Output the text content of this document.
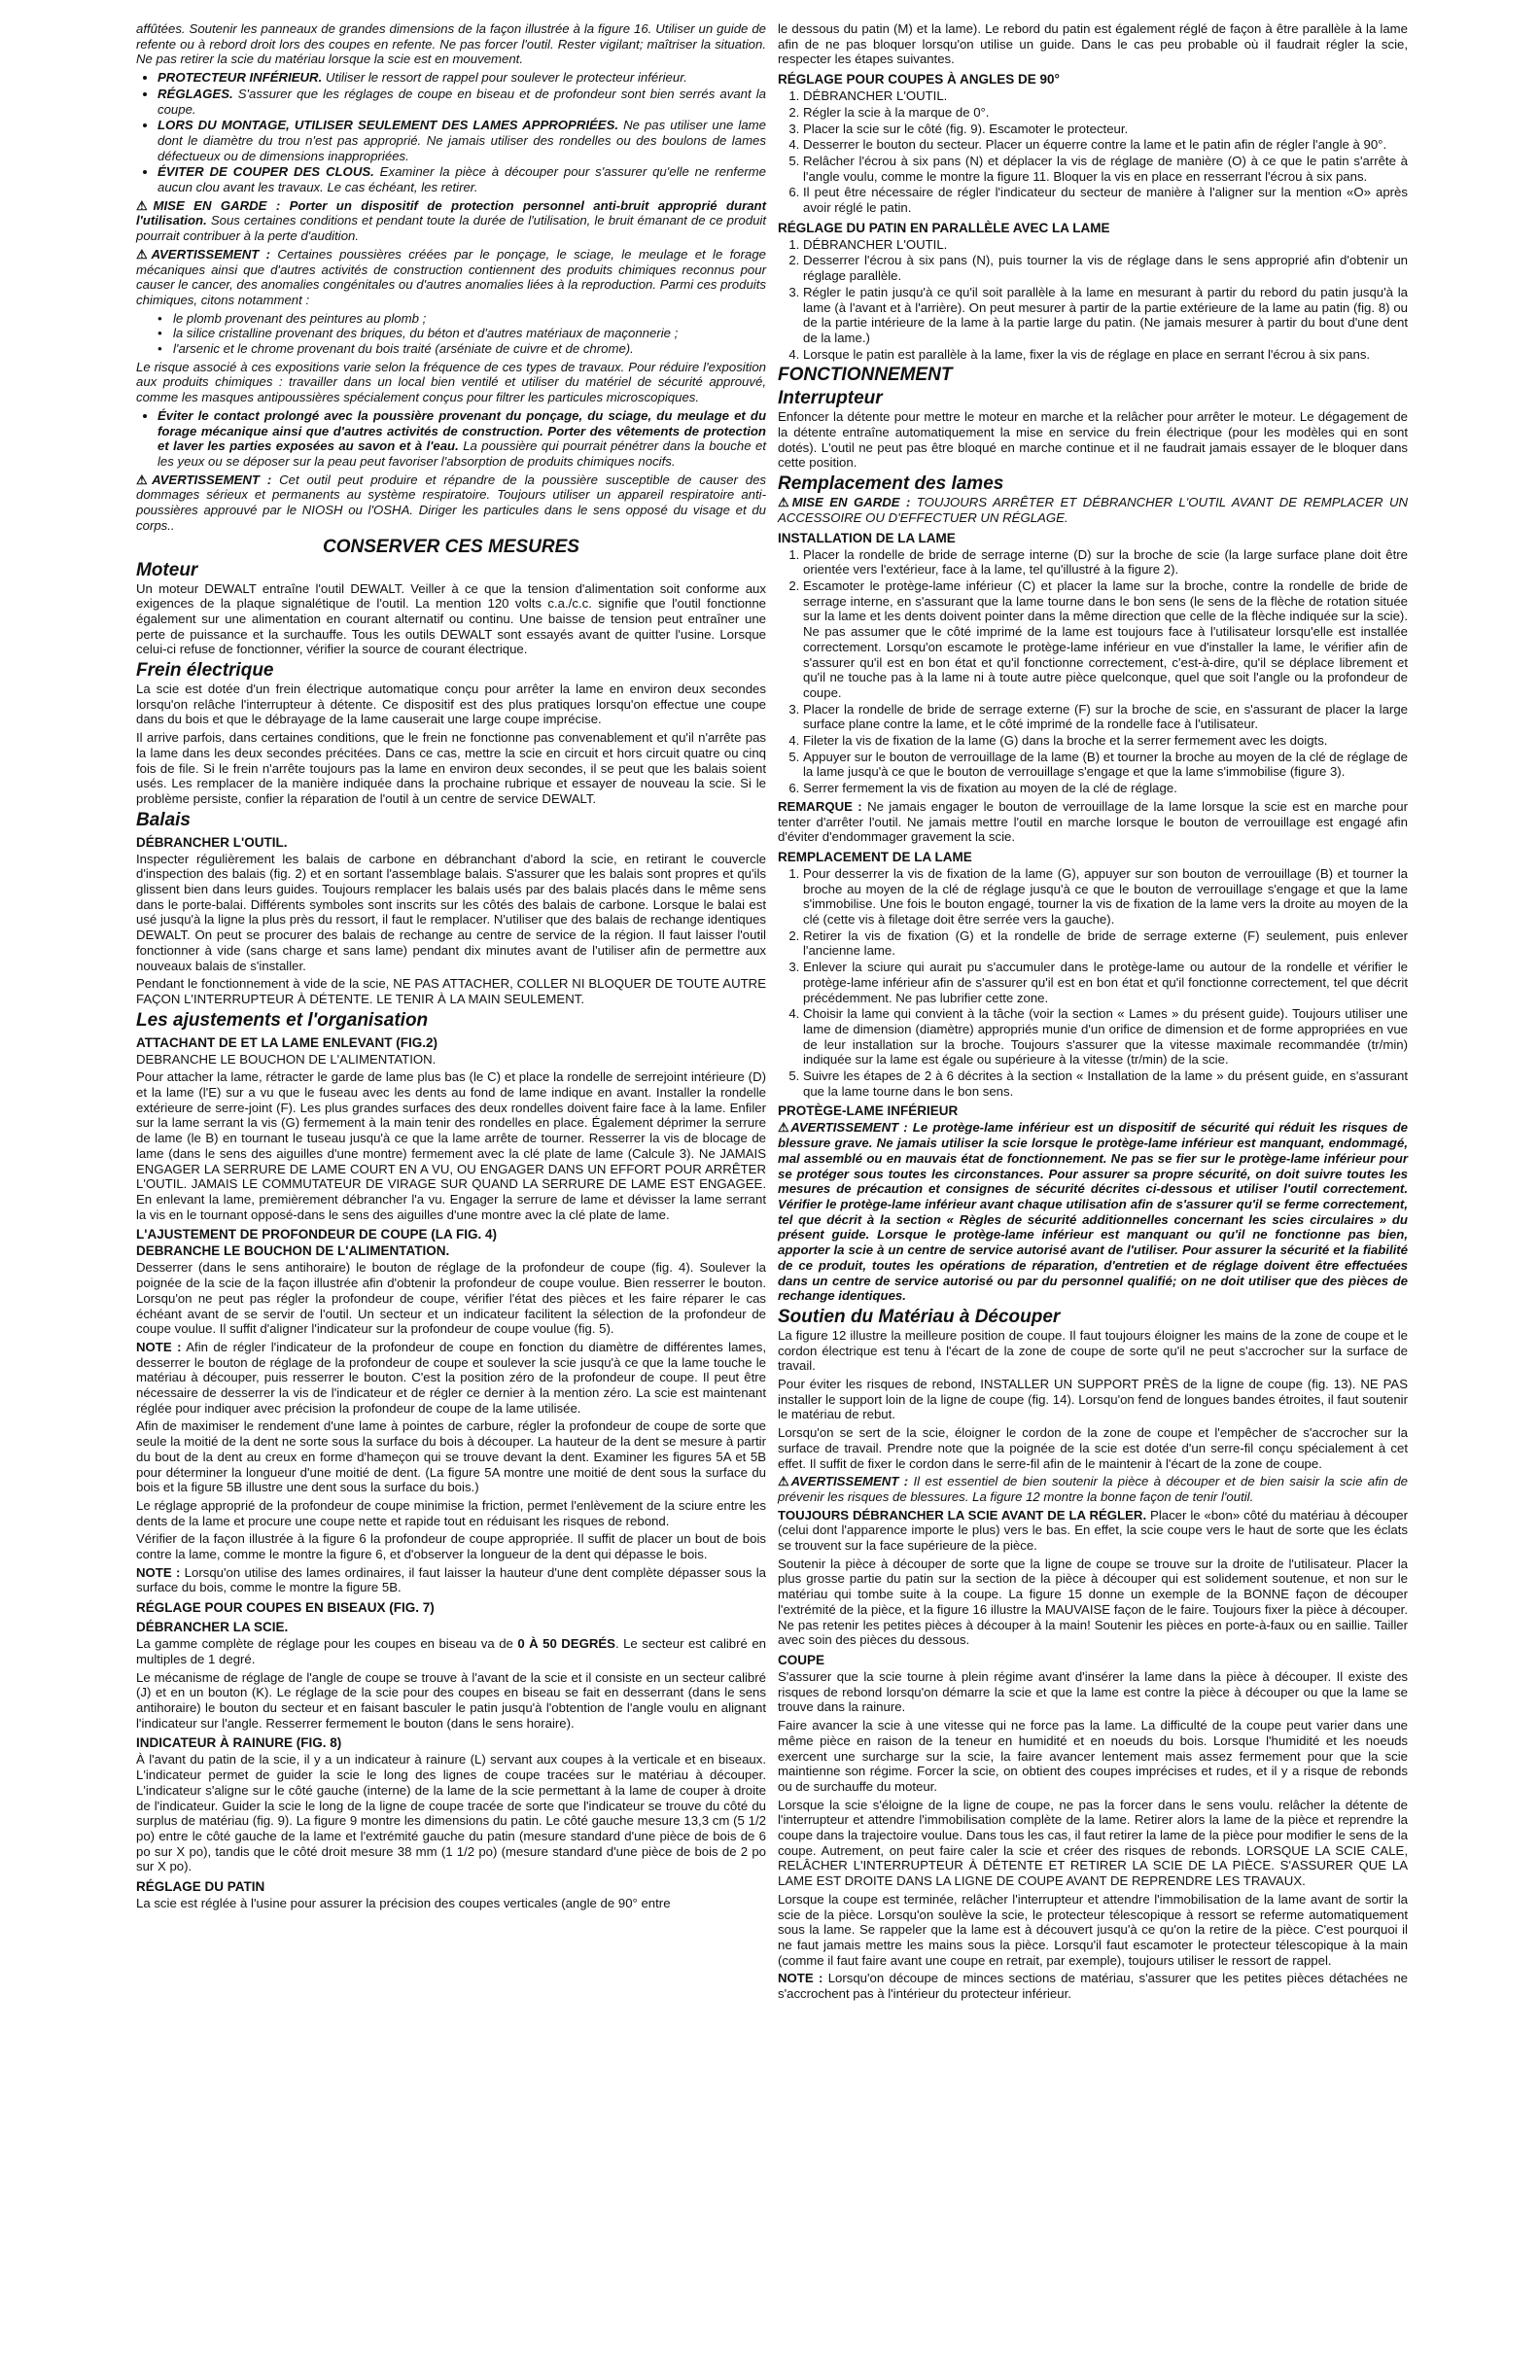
affûtées. Soutenir les panneaux de grandes dimensions de la façon illustrée à la figure 16. Utiliser un guide de refente ou à rebord droit lors des coupes en refente. Ne pas forcer l'outil. Rester vigilant; maîtriser la situation. Ne pas retirer la scie du matériau lorsque la scie est en mouvement.

• PROTECTEUR INFÉRIEUR. Utiliser le ressort de rappel pour soulever le protecteur inférieur.
• RÉGLAGES. S'assurer que les réglages de coupe en biseau et de profondeur sont bien serrés avant la coupe.
• LORS DU MONTAGE, UTILISER SEULEMENT DES LAMES APPROPRIÉES. Ne pas utiliser une lame dont le diamètre du trou n'est pas approprié. Ne jamais utiliser des rondelles ou des boulons de lames défectueux ou de dimensions inappropriées.
• ÉVITER DE COUPER DES CLOUS. Examiner la pièce à découper pour s'assurer qu'elle ne renferme aucun clou avant les travaux. Le cas échéant, les retirer.

⚠MISE EN GARDE : Porter un dispositif de protection personnel anti-bruit approprié durant l'utilisation. Sous certaines conditions et pendant toute la durée de l'utilisation, le bruit émanant de ce produit pourrait contribuer à la perte d'audition.

⚠AVERTISSEMENT : Certaines poussières créées par le ponçage, le sciage, le meulage et le forage mécaniques ainsi que d'autres activités de construction contiennent des produits chimiques reconnus pour causer le cancer, des anomalies congénitales ou d'autres anomalies liées à la reproduction. Parmi ces produits chimiques, citons notamment :

• le plomb provenant des peintures au plomb ;
• la silice cristalline provenant des briques, du béton et d'autres matériaux de maçonnerie ;
• l'arsenic et le chrome provenant du bois traité (arséniate de cuivre et de chrome).

Le risque associé à ces expositions varie selon la fréquence de ces types de travaux. Pour réduire l'exposition aux produits chimiques : travailler dans un local bien ventilé et utiliser du matériel de sécurité approuvé, comme les masques antipoussières spécialement conçus pour filtrer les particules microscopiques.

• Éviter le contact prolongé avec la poussière provenant du ponçage, du sciage, du meulage et du forage mécanique ainsi que d'autres activités de construction. Porter des vêtements de protection et laver les parties exposées au savon et à l'eau. La poussière qui pourrait pénétrer dans la bouche et les yeux ou se déposer sur la peau peut favoriser l'absorption de produits chimiques nocifs.

⚠AVERTISSEMENT : Cet outil peut produire et répandre de la poussière susceptible de causer des dommages sérieux et permanents au système respiratoire. Toujours utiliser un appareil respiratoire anti-poussières approuvé par le NIOSH ou l'OSHA. Diriger les particules dans le sens opposé du visage et du corps..

CONSERVER CES MESURES
Moteur

Un moteur DEWALT entraîne l'outil DEWALT. Veiller à ce que la tension d'alimentation soit conforme aux exigences de la plaque signalétique de l'outil. La mention 120 volts c.a./c.c. signifie que l'outil fonctionne également sur une alimentation en courant alternatif ou continu. Une baisse de tension peut entraîner une perte de puissance et la surchauffe. Tous les outils DEWALT sont essayés avant de quitter l'usine. Lorsque celui-ci refuse de fonctionner, vérifier la source de courant électrique.

Frein électrique

La scie est dotée d'un frein électrique automatique conçu pour arrêter la lame en environ deux secondes lorsqu'on relâche l'interrupteur à détente. Ce dispositif est des plus pratiques lorsqu'on effectue une coupe dans du bois et que le débrayage de la lame causerait une large coupe imprécise.

Il arrive parfois, dans certaines conditions, que le frein ne fonctionne pas convenablement et qu'il n'arrête pas la lame dans les deux secondes précitées. Dans ce cas, mettre la scie en circuit et hors circuit quatre ou cinq fois de file. Si le frein n'arrête toujours pas la lame en environ deux secondes, il se peut que les balais soient usés. Les remplacer de la manière indiquée dans la prochaine rubrique et essayer de nouveau la scie. Si le problème persiste, confier la réparation de l'outil à un centre de service DEWALT.

Balais
DÉBRANCHER L'OUTIL.

Inspecter régulièrement les balais de carbone en débranchant d'abord la scie, en retirant le couvercle d'inspection des balais (fig. 2) et en sortant l'assemblage balais. S'assurer que les balais sont propres et qu'ils glissent bien dans leurs guides. Toujours remplacer les balais usés par des balais placés dans le même sens dans le porte-balai. Différents symboles sont inscrits sur les côtés des balais de carbone. Lorsque le balai est usé jusqu'à la ligne la plus près du ressort, il faut le remplacer. N'utiliser que des balais de rechange identiques DEWALT. On peut se procurer des balais de rechange au centre de service de la région. Il faut laisser l'outil fonctionner à vide (sans charge et sans lame) pendant dix minutes avant de l'utiliser afin de permettre aux nouveaux balais de s'installer.

Pendant le fonctionnement à vide de la scie, NE PAS ATTACHER, COLLER NI BLOQUER DE TOUTE AUTRE FAÇON L'INTERRUPTEUR À DÉTENTE. LE TENIR À LA MAIN SEULEMENT.

Les ajustements et l'organisation
ATTACHANT DE ET LA LAME ENLEVANT (FIG.2)

DEBRANCHE LE BOUCHON DE L'ALIMENTATION.

Pour attacher la lame, rétracter le garde de lame plus bas (le C) et place la rondelle de serrejoint intérieure (D) et la lame (l'E) sur a vu que le fuseau avec les dents au fond de lame indique en avant. Installer la rondelle extérieure de serre-joint (F). Les plus grandes surfaces des deux rondelles doivent faire face à la lame. Enfiler sur la lame serrant la vis (G) fermement à la main tenir des rondelles en place. Également déprimer la serrure de lame (le B) en tournant le tuseau jusqu'à ce que la lame arrête de tourner. Resserrer la vis de blocage de lame (dans le sens des aiguilles d'une montre) fermement avec la clé plate de lame (Calcule 3). Ne JAMAIS ENGAGER LA SERRURE DE LAME COURT EN A VU, OU ENGAGER DANS UN EFFORT POUR ARRÊTER L'OUTIL. JAMAIS LE COMMUTATEUR DE VIRAGE SUR QUAND LA SERRURE DE LAME EST ENGAGEE. En enlevant la lame, premièrement débrancher l'a vu. Engager la serrure de lame et dévisser la lame serrant la vis en le tournant opposé-dans le sens des aiguilles d'une montre avec la clé plate de lame.

L'AJUSTEMENT DE PROFONDEUR DE COUPE (LA FIG. 4)
DEBRANCHE LE BOUCHON DE L'ALIMENTATION.

Desserrer (dans le sens antihoraire) le bouton de réglage de la profondeur de coupe (fig. 4). Soulever la poignée de la scie de la façon illustrée afin d'obtenir la profondeur de coupe voulue. Bien resserrer le bouton. Lorsqu'on ne peut pas régler la profondeur de coupe, vérifier l'état des pièces et les faire réparer le cas échéant avant de se servir de l'outil. Un secteur et un indicateur facilitent la sélection de la profondeur de coupe voulue. Il suffit d'aligner l'indicateur sur la profondeur de coupe voulue (fig. 5).

NOTE : Afin de régler l'indicateur de la profondeur de coupe en fonction du diamètre de différentes lames, desserrer le bouton de réglage de la profondeur de coupe et soulever la scie jusqu'à ce que la lame touche le matériau à découper, puis resserrer le bouton. C'est la position zéro de la profondeur de coupe. Il peut être nécessaire de desserrer la vis de l'indicateur et de régler ce dernier à la mention zéro. La scie est maintenant réglée pour indiquer avec précision la profondeur de coupe de la lame utilisée.

Afin de maximiser le rendement d'une lame à pointes de carbure, régler la profondeur de coupe de sorte que seule la moitié de la dent ne sorte sous la surface du bois à découper. La hauteur de la dent se mesure à partir du bout de la dent au creux en forme d'hameçon qui se trouve devant la dent. Examiner les figures 5A et 5B pour déterminer la longueur d'une moitié de dent. (La figure 5A montre une moitié de dent sous la surface du bois et la figure 5B illustre une dent sous la surface du bois.)

Le réglage approprié de la profondeur de coupe minimise la friction, permet l'enlèvement de la sciure entre les dents de la lame et procure une coupe nette et rapide tout en réduisant les risques de rebond.

Vérifier de la façon illustrée à la figure 6 la profondeur de coupe appropriée. Il suffit de placer un bout de bois contre la lame, comme le montre la figure 6, et d'observer la longueur de la dent qui dépasse le bois.

NOTE : Lorsqu'on utilise des lames ordinaires, il faut laisser la hauteur d'une dent complète dépasser sous la surface du bois, comme le montre la figure 5B.

RÉGLAGE POUR COUPES EN BISEAUX (FIG. 7)
DÉBRANCHER LA SCIE.

La gamme complète de réglage pour les coupes en biseau va de 0 À 50 DEGRÉS. Le secteur est calibré en multiples de 1 degré.

Le mécanisme de réglage de l'angle de coupe se trouve à l'avant de la scie et il consiste en un secteur calibré (J) et en un bouton (K). Le réglage de la scie pour des coupes en biseau se fait en desserrant (dans le sens antihoraire) le bouton du secteur et en faisant basculer le patin jusqu'à l'obtention de l'angle voulu en alignant l'indicateur sur l'angle. Resserrer fermement le bouton (dans le sens horaire).

INDICATEUR À RAINURE (FIG. 8)

À l'avant du patin de la scie, il y a un indicateur à rainure (L) servant aux coupes à la verticale et en biseaux. L'indicateur permet de guider la scie le long des lignes de coupe tracées sur le matériau à découper. L'indicateur s'aligne sur le côté gauche (interne) de la lame de la scie permettant à la lame de couper à droite de l'indicateur. Guider la scie le long de la ligne de coupe tracée de sorte que l'indicateur se trouve du côté du surplus de matériau (fig. 9). La figure 9 montre les dimensions du patin. Le côté gauche mesure 13,3 cm (5 1/2 po) entre le côté gauche de la lame et l'extrémité gauche du patin (mesure standard d'une pièce de bois de 6 po sur X po), tandis que le côté droit mesure 38 mm (1 1/2 po) (mesure standard d'une pièce de bois de 2 po sur X po).

RÉGLAGE DU PATIN

La scie est réglée à l'usine pour assurer la précision des coupes verticales (angle de 90° entre

le dessous du patin (M) et la lame). Le rebord du patin est également réglé de façon à être parallèle à la lame afin de ne pas bloquer lorsqu'on utilise un guide. Dans le cas peu probable où il faudrait régler la scie, respecter les étapes suivantes.

RÉGLAGE POUR COUPES À ANGLES DE 90°
1. DÉBRANCHER L'OUTIL.
2. Régler la scie à la marque de 0°.
3. Placer la scie sur le côté (fig. 9). Escamoter le protecteur.
4. Desserrer le bouton du secteur. Placer un équerre contre la lame et le patin afin de régler l'angle à 90°.
5. Relâcher l'écrou à six pans (N) et déplacer la vis de réglage de manière (O) à ce que le patin s'arrête à l'angle voulu, comme le montre la figure 11. Bloquer la vis en place en resserrant l'écrou à six pans.
6. Il peut être nécessaire de régler l'indicateur du secteur de manière à l'aligner sur la mention «O» après avoir réglé le patin.
RÉGLAGE DU PATIN EN PARALLÈLE AVEC LA LAME
1. DÉBRANCHER L'OUTIL.
2. Desserrer l'écrou à six pans (N), puis tourner la vis de réglage dans le sens approprié afin d'obtenir un réglage parallèle.
3. Régler le patin jusqu'à ce qu'il soit parallèle à la lame en mesurant à partir du rebord du patin jusqu'à la lame (à l'avant et à l'arrière). On peut mesurer à partir de la partie extérieure de la lame au patin (fig. 8) ou de la partie intérieure de la lame à la partie large du patin. (Ne jamais mesurer à partir du bout d'une dent de la lame.)
4. Lorsque le patin est parallèle à la lame, fixer la vis de réglage en place en serrant l'écrou à six pans.
FONCTIONNEMENT
Interrupteur

Enfoncer la détente pour mettre le moteur en marche et la relâcher pour arrêter le moteur. Le dégagement de la détente entraîne automatiquement la mise en service du frein électrique (pour les modèles qui en sont dotés). L'outil ne peut pas être bloqué en marche continue et il ne faudrait jamais essayer de le bloquer dans cette position.

Remplacement des lames

⚠MISE EN GARDE : TOUJOURS ARRÊTER ET DÉBRANCHER L'OUTIL AVANT DE REMPLACER UN ACCESSOIRE OU D'EFFECTUER UN RÉGLAGE.

INSTALLATION DE LA LAME
1. Placer la rondelle de bride de serrage interne (D) sur la broche de scie (la large surface plane doit être orientée vers l'extérieur, face à la lame, tel qu'illustré à la figure 2).
2. Escamoter le protège-lame inférieur (C) et placer la lame sur la broche, contre la rondelle de bride de serrage interne, en s'assurant que la lame tourne dans le bon sens (le sens de la flèche de rotation située sur la lame et les dents doivent pointer dans la même direction que celle de la flèche indiquée sur la scie). Ne pas assumer que le côté imprimé de la lame est toujours face à l'utilisateur lorsqu'elle est installée correctement. Lorsqu'on escamote le protège-lame inférieur en vue d'installer la lame, le vérifier afin de s'assurer qu'il est en bon état et qu'il fonctionne correctement, c'est-à-dire, qu'il se déplace librement et qu'il ne touche pas à la lame ni à toute autre pièce quelconque, quel que soit l'angle ou la profondeur de coupe.
3. Placer la rondelle de bride de serrage externe (F) sur la broche de scie, en s'assurant de placer la large surface plane contre la lame, et le côté imprimé de la rondelle face à l'utilisateur.
4. Fileter la vis de fixation de la lame (G) dans la broche et la serrer fermement avec les doigts.
5. Appuyer sur le bouton de verrouillage de la lame (B) et tourner la broche au moyen de la clé de réglage de la lame jusqu'à ce que le bouton de verrouillage s'engage et que la lame s'immobilise (figure 3).
6. Serrer fermement la vis de fixation au moyen de la clé de réglage.

REMARQUE : Ne jamais engager le bouton de verrouillage de la lame lorsque la scie est en marche pour tenter d'arrêter l'outil. Ne jamais mettre l'outil en marche lorsque le bouton de verrouillage est engagé afin d'éviter d'endommager gravement la scie.

REMPLACEMENT DE LA LAME
1. Pour desserrer la vis de fixation de la lame (G), appuyer sur son bouton de verrouillage (B) et tourner la broche au moyen de la clé de réglage jusqu'à ce que le bouton de verrouillage s'engage et que la lame s'immobilise. Une fois le bouton engagé, tourner la vis de fixation de la lame vers la droite au moyen de la clé (cette vis à filetage doit être serrée vers la gauche).
2. Retirer la vis de fixation (G) et la rondelle de bride de serrage externe (F) seulement, puis enlever l'ancienne lame.
3. Enlever la sciure qui aurait pu s'accumuler dans le protège-lame ou autour de la rondelle et vérifier le protège-lame inférieur afin de s'assurer qu'il est en bon état et qu'il fonctionne correctement, tel que décrit précédemment. Ne pas lubrifier cette zone.
4. Choisir la lame qui convient à la tâche (voir la section « Lames » du présent guide). Toujours utiliser une lame de dimension (diamètre) appropriés munie d'un orifice de dimension et de forme appropriées en vue de leur installation sur la broche. Toujours s'assurer que la vitesse maximale recommandée (tr/min) indiquée sur la lame est égale ou supérieure à la vitesse (tr/min) de la scie.
5. Suivre les étapes de 2 à 6 décrites à la section « Installation de la lame » du présent guide, en s'assurant que la lame tourne dans le bon sens.
PROTÈGE-LAME INFÉRIEUR

⚠AVERTISSEMENT : Le protège-lame inférieur est un dispositif de sécurité qui réduit les risques de blessure grave. Ne jamais utiliser la scie lorsque le protège-lame inférieur est manquant, endommagé, mal assemblé ou en mauvais état de fonctionnement. Ne pas se fier sur le protège-lame inférieur pour se protéger sous toutes les circonstances. Pour assurer sa propre sécurité, on doit suivre toutes les mesures de précaution et consignes de sécurité décrites ci-dessous et utiliser l'outil correctement. Vérifier le protège-lame inférieur avant chaque utilisation afin de s'assurer qu'il se ferme correctement, tel que décrit à la section « Règles de sécurité additionnelles concernant les scies circulaires » du présent guide. Lorsque le protège-lame inférieur est manquant ou qu'il ne fonctionne pas bien, apporter la scie à un centre de service autorisé avant de l'utiliser. Pour assurer la sécurité et la fiabilité de ce produit, toutes les opérations de réparation, d'entretien et de réglage doivent être effectuées dans un centre de service autorisé ou par du personnel qualifié; on ne doit utiliser que des pièces de rechange identiques.

Soutien du Matériau à Découper

La figure 12 illustre la meilleure position de coupe. Il faut toujours éloigner les mains de la zone de coupe et le cordon électrique est tenu à l'écart de la zone de coupe de sorte qu'il ne peut s'accrocher sur la surface de travail.

Pour éviter les risques de rebond, INSTALLER UN SUPPORT PRÈS de la ligne de coupe (fig. 13). NE PAS installer le support loin de la ligne de coupe (fig. 14). Lorsqu'on fend de longues bandes étroites, il faut soutenir le matériau de rebut.

Lorsqu'on se sert de la scie, éloigner le cordon de la zone de coupe et l'empêcher de s'accrocher sur la surface de travail. Prendre note que la poignée de la scie est dotée d'un serre-fil conçu spécialement à cet effet. Il suffit de fixer le cordon dans le serre-fil afin de le maintenir à l'écart de la zone de coupe.

⚠AVERTISSEMENT : Il est essentiel de bien soutenir la pièce à découper et de bien saisir la scie afin de prévenir les risques de blessures. La figure 12 montre la bonne façon de tenir l'outil.

TOUJOURS DÉBRANCHER LA SCIE AVANT DE LA RÉGLER. Placer le «bon» côté du matériau à découper (celui dont l'apparence importe le plus) vers le bas. En effet, la scie coupe vers le haut de sorte que les éclats se trouvent sur la face supérieure de la pièce.

Soutenir la pièce à découper de sorte que la ligne de coupe se trouve sur la droite de l'utilisateur. Placer la plus grosse partie du patin sur la section de la pièce à découper qui est solidement soutenue, et non sur le matériau qui tombe suite à la coupe. La figure 15 donne un exemple de la BONNE façon de découper l'extrémité de la pièce, et la figure 16 illustre la MAUVAISE façon de le faire. Toujours fixer la pièce à découper. Ne pas retenir les petites pièces à découper à la main! Soutenir les pièces en porte-à-faux ou en saillie. Tailler avec soin des pièces du dessous.

COUPE

S'assurer que la scie tourne à plein régime avant d'insérer la lame dans la pièce à découper. Il existe des risques de rebond lorsqu'on démarre la scie et que la lame est contre la pièce à découper ou que la lame se trouve dans la rainure.

Faire avancer la scie à une vitesse qui ne force pas la lame. La difficulté de la coupe peut varier dans une même pièce en raison de la teneur en humidité et en noeuds du bois. Lorsque l'humidité et les noeuds exercent une surcharge sur la scie, la faire avancer lentement mais assez fermement pour que la scie maintienne son régime. Forcer la scie, on obtient des coupes imprécises et rudes, et il y a risque de rebonds ou de surchauffe du moteur.

Lorsque la scie s'éloigne de la ligne de coupe, ne pas la forcer dans le sens voulu. relâcher la détente de l'interrupteur et attendre l'immobilisation complète de la lame. Retirer alors la lame de la pièce et reprendre la coupe dans la trajectoire voulue. Dans tous les cas, il faut retirer la lame de la pièce pour modifier le sens de la coupe. Autrement, on peut faire caler la scie et créer des risques de rebonds. LORSQUE LA SCIE CALE, RELÂCHER L'INTERRUPTEUR À DÉTENTE ET RETIRER LA SCIE DE LA PIÈCE. S'ASSURER QUE LA LAME EST DROITE DANS LA LIGNE DE COUPE AVANT DE REPRENDRE LES TRAVAUX.

Lorsque la coupe est terminée, relâcher l'interrupteur et attendre l'immobilisation de la lame avant de sortir la scie de la pièce. Lorsqu'on soulève la scie, le protecteur télescopique à ressort se referme automatiquement sous la lame. Se rappeler que la lame est à découvert jusqu'à ce qu'on la retire de la pièce. C'est pourquoi il ne faut jamais mettre les mains sous la pièce. Lorsqu'il faut escamoter le protecteur télescopique à la main (comme il faut faire avant une coupe en retrait, par exemple), toujours utiliser le ressort de rappel.

NOTE : Lorsqu'on découpe de minces sections de matériau, s'assurer que les petites pièces détachées ne s'accrochent pas à l'intérieur du protecteur inférieur.
